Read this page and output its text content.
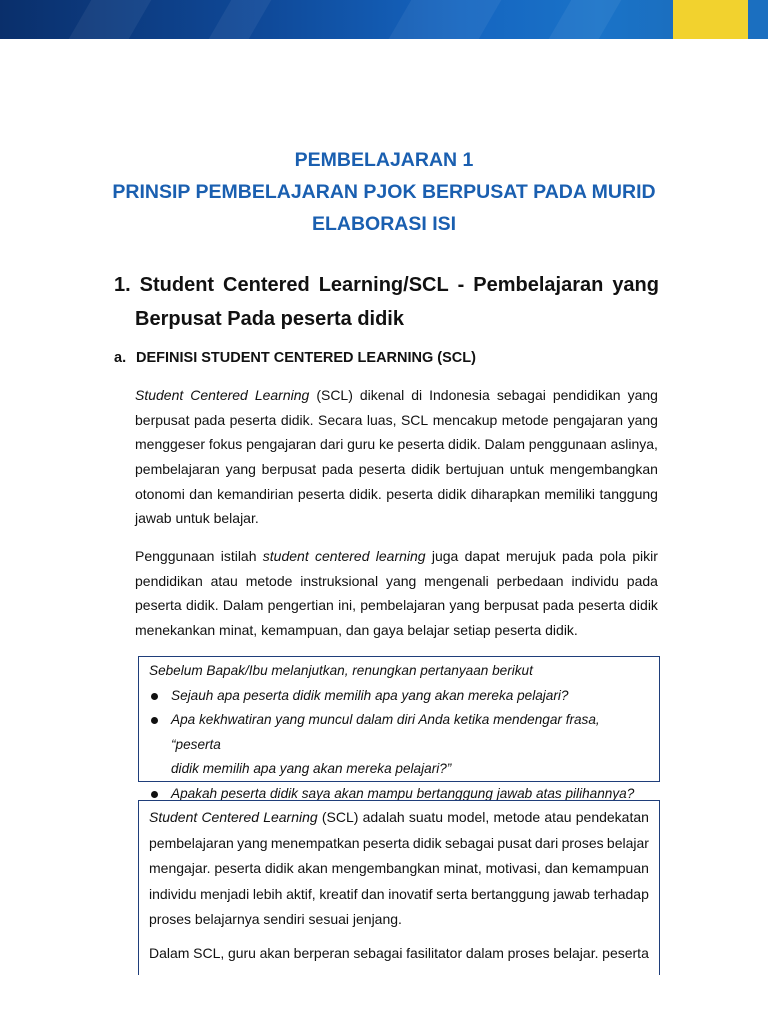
PEMBELAJARAN 1
PRINSIP PEMBELAJARAN PJOK BERPUSAT PADA MURID
ELABORASI ISI
1. Student Centered Learning/SCL - Pembelajaran yang
Berpusat Pada peserta didik
a. DEFINISI STUDENT CENTERED LEARNING (SCL)
Student Centered Learning (SCL) dikenal di Indonesia sebagai pendidikan yang
berpusat pada peserta didik. Secara luas, SCL mencakup metode pengajaran yang
menggeser fokus pengajaran dari guru ke peserta didik. Dalam penggunaan aslinya,
pembelajaran yang berpusat pada peserta didik bertujuan untuk mengembangkan
otonomi dan kemandirian peserta didik. peserta didik diharapkan memiliki tanggung
jawab untuk belajar.
Penggunaan istilah student centered learning juga dapat merujuk pada pola pikir
pendidikan atau metode instruksional yang mengenali perbedaan individu pada
peserta didik. Dalam pengertian ini, pembelajaran yang berpusat pada peserta didik
menekankan minat, kemampuan, dan gaya belajar setiap peserta didik.
Sebelum Bapak/Ibu melanjutkan, renungkan pertanyaan berikut
Sejauh apa peserta didik memilih apa yang akan mereka pelajari?
Apa kekhwatiran yang muncul dalam diri Anda ketika mendengar frasa, “peserta
didik memilih apa yang akan mereka pelajari?”
Apakah peserta didik saya akan mampu bertanggung jawab atas pilihannya?
Student Centered Learning (SCL) adalah suatu model, metode atau pendekatan
pembelajaran yang menempatkan peserta didik sebagai pusat dari proses belajar
mengajar. peserta didik akan mengembangkan minat, motivasi, dan kemampuan
individu menjadi lebih aktif, kreatif dan inovatif serta bertanggung jawab terhadap
proses belajarnya sendiri sesuai jenjang.
Dalam SCL, guru akan berperan sebagai fasilitator dalam proses belajar. peserta
